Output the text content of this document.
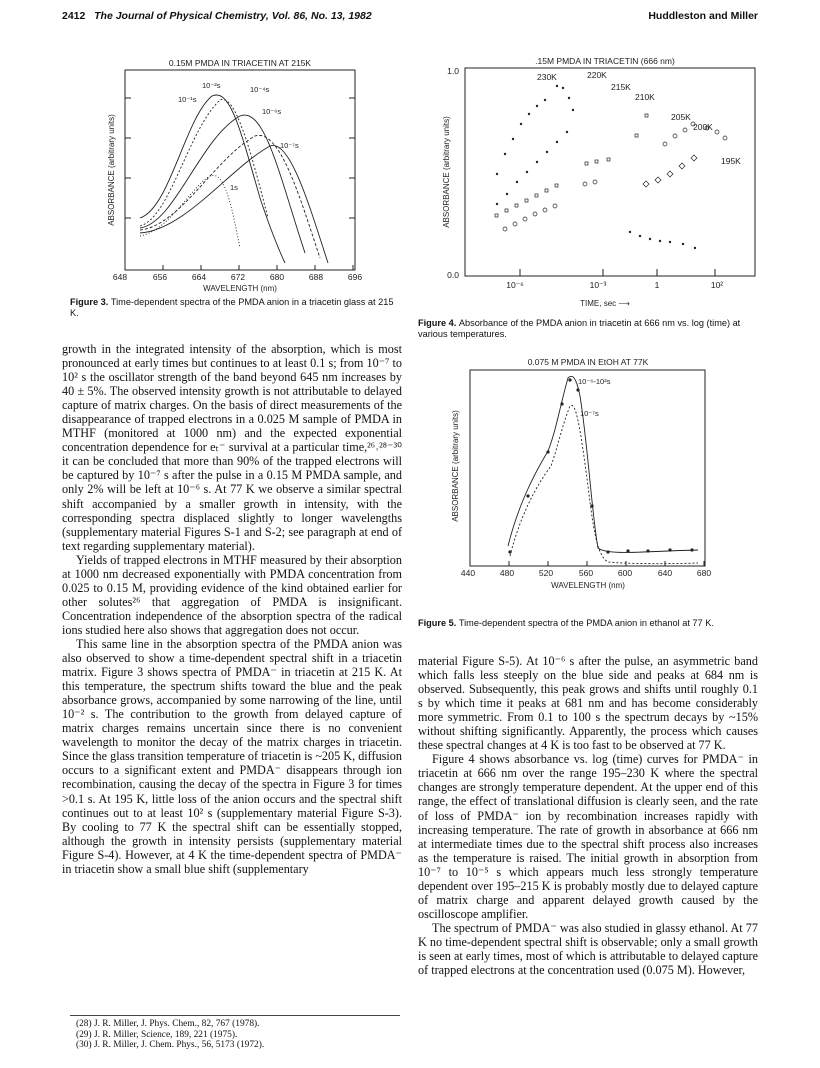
2412 The Journal of Physical Chemistry, Vol. 86, No. 13, 1982	Huddleston and Miller
0.15M PMDA IN TRIACETIN AT 215K
648	656	664	672	680	688	696
WAVELENGTH (nm)
ABSORBANCE (arbitrary units)
10⁻¹s
10⁻²s	10⁻⁴s
10⁻⁶s
10⁻⁷s
1s
Figure 3. Time-dependent spectra of the PMDA anion in a triacetin glass at 215 K.
.15M PMDA IN TRIACETIN (666 nm)
1.0
0.0
10⁻⁶	10⁻³	1	10²
TIME, sec ⟶
ABSORBANCE (arbitrary units)
230K	220K
215K
210K
205K
200K
195K
Figure 4. Absorbance of the PMDA anion in triacetin at 666 nm vs. log (time) at various temperatures.
0.075 M PMDA IN EtOH AT 77K
440	480	520	560	600	640	680
WAVELENGTH (nm)
ABSORBANCE (arbitrary units)
10⁻⁶-10²s
10⁻⁷s
Figure 5. Time-dependent spectra of the PMDA anion in ethanol at 77 K.

growth in the integrated intensity of the absorption, which is most pronounced at early times but continues to at least 0.1 s; from 10⁻⁷ to 10² s the oscillator strength of the band beyond 645 nm increases by 40 ± 5%. The observed intensity growth is not attributable to delayed capture of matrix charges. On the basis of direct measurements of the disappearance of trapped electrons in a 0.025 M sample of PMDA in MTHF (monitored at 1000 nm) and the expected exponential concentration dependence for eₜ⁻ survival at a particular time,²⁶˒²⁸⁻³⁰ it can be concluded that more than 90% of the trapped electrons will be captured by 10⁻⁷ s after the pulse in a 0.15 M PMDA sample, and only 2% will be left at 10⁻⁶ s. At 77 K we observe a similar spectral shift accompanied by a smaller growth in intensity, with the corresponding spectra displaced slightly to longer wavelengths (supplementary material Figures S-1 and S-2; see paragraph at end of text regarding supplementary material).

Yields of trapped electrons in MTHF measured by their absorption at 1000 nm decreased exponentially with PMDA concentration from 0.025 to 0.15 M, providing evidence of the kind obtained earlier for other solutes²⁶ that aggregation of PMDA is insignificant. Concentration independence of the absorption spectra of the radical ions studied here also shows that aggregation does not occur.

This same line in the absorption spectra of the PMDA anion was also observed to show a time-dependent spectral shift in a triacetin matrix. Figure 3 shows spectra of PMDA⁻ in triacetin at 215 K. At this temperature, the spectrum shifts toward the blue and the peak absorbance grows, accompanied by some narrowing of the line, until 10⁻² s. The contribution to the growth from delayed capture of matrix charges remains uncertain since there is no convenient wavelength to monitor the decay of the matrix charges in triacetin. Since the glass transition temperature of triacetin is ~205 K, diffusion occurs to a significant extent and PMDA⁻ disappears through ion recombination, causing the decay of the spectra in Figure 3 for times >0.1 s. At 195 K, little loss of the anion occurs and the spectral shift continues out to at least 10² s (supplementary material Figure S-3). By cooling to 77 K the spectral shift can be essentially stopped, although the growth in intensity persists (supplementary material Figure S-4). However, at 4 K the time-dependent spectra of PMDA⁻ in triacetin show a small blue shift (supplementary

material Figure S-5). At 10⁻⁶ s after the pulse, an asymmetric band which falls less steeply on the blue side and peaks at 684 nm is observed. Subsequently, this peak grows and shifts until roughly 0.1 s by which time it peaks at 681 nm and has become considerably more symmetric. From 0.1 to 100 s the spectrum decays by ~15% without shifting significantly. Apparently, the process which causes these spectral changes at 4 K is too fast to be observed at 77 K.

Figure 4 shows absorbance vs. log (time) curves for PMDA⁻ in triacetin at 666 nm over the range 195–230 K where the spectral changes are strongly temperature dependent. At the upper end of this range, the effect of translational diffusion is clearly seen, and the rate of loss of PMDA⁻ ion by recombination increases rapidly with increasing temperature. The rate of growth in absorbance at 666 nm at intermediate times due to the spectral shift process also increases as the temperature is raised. The initial growth in absorption from 10⁻⁷ to 10⁻⁵ s which appears much less strongly temperature dependent over 195–215 K is probably mostly due to delayed capture of matrix charge and apparent delayed growth caused by the oscilloscope amplifier.

The spectrum of PMDA⁻ was also studied in glassy ethanol. At 77 K no time-dependent spectral shift is observable; only a small growth is seen at early times, most of which is attributable to delayed capture of trapped electrons at the concentration used (0.075 M). However,

(28) J. R. Miller, J. Phys. Chem., 82, 767 (1978).
(29) J. R. Miller, Science, 189, 221 (1975).
(30) J. R. Miller, J. Chem. Phys., 56, 5173 (1972).
